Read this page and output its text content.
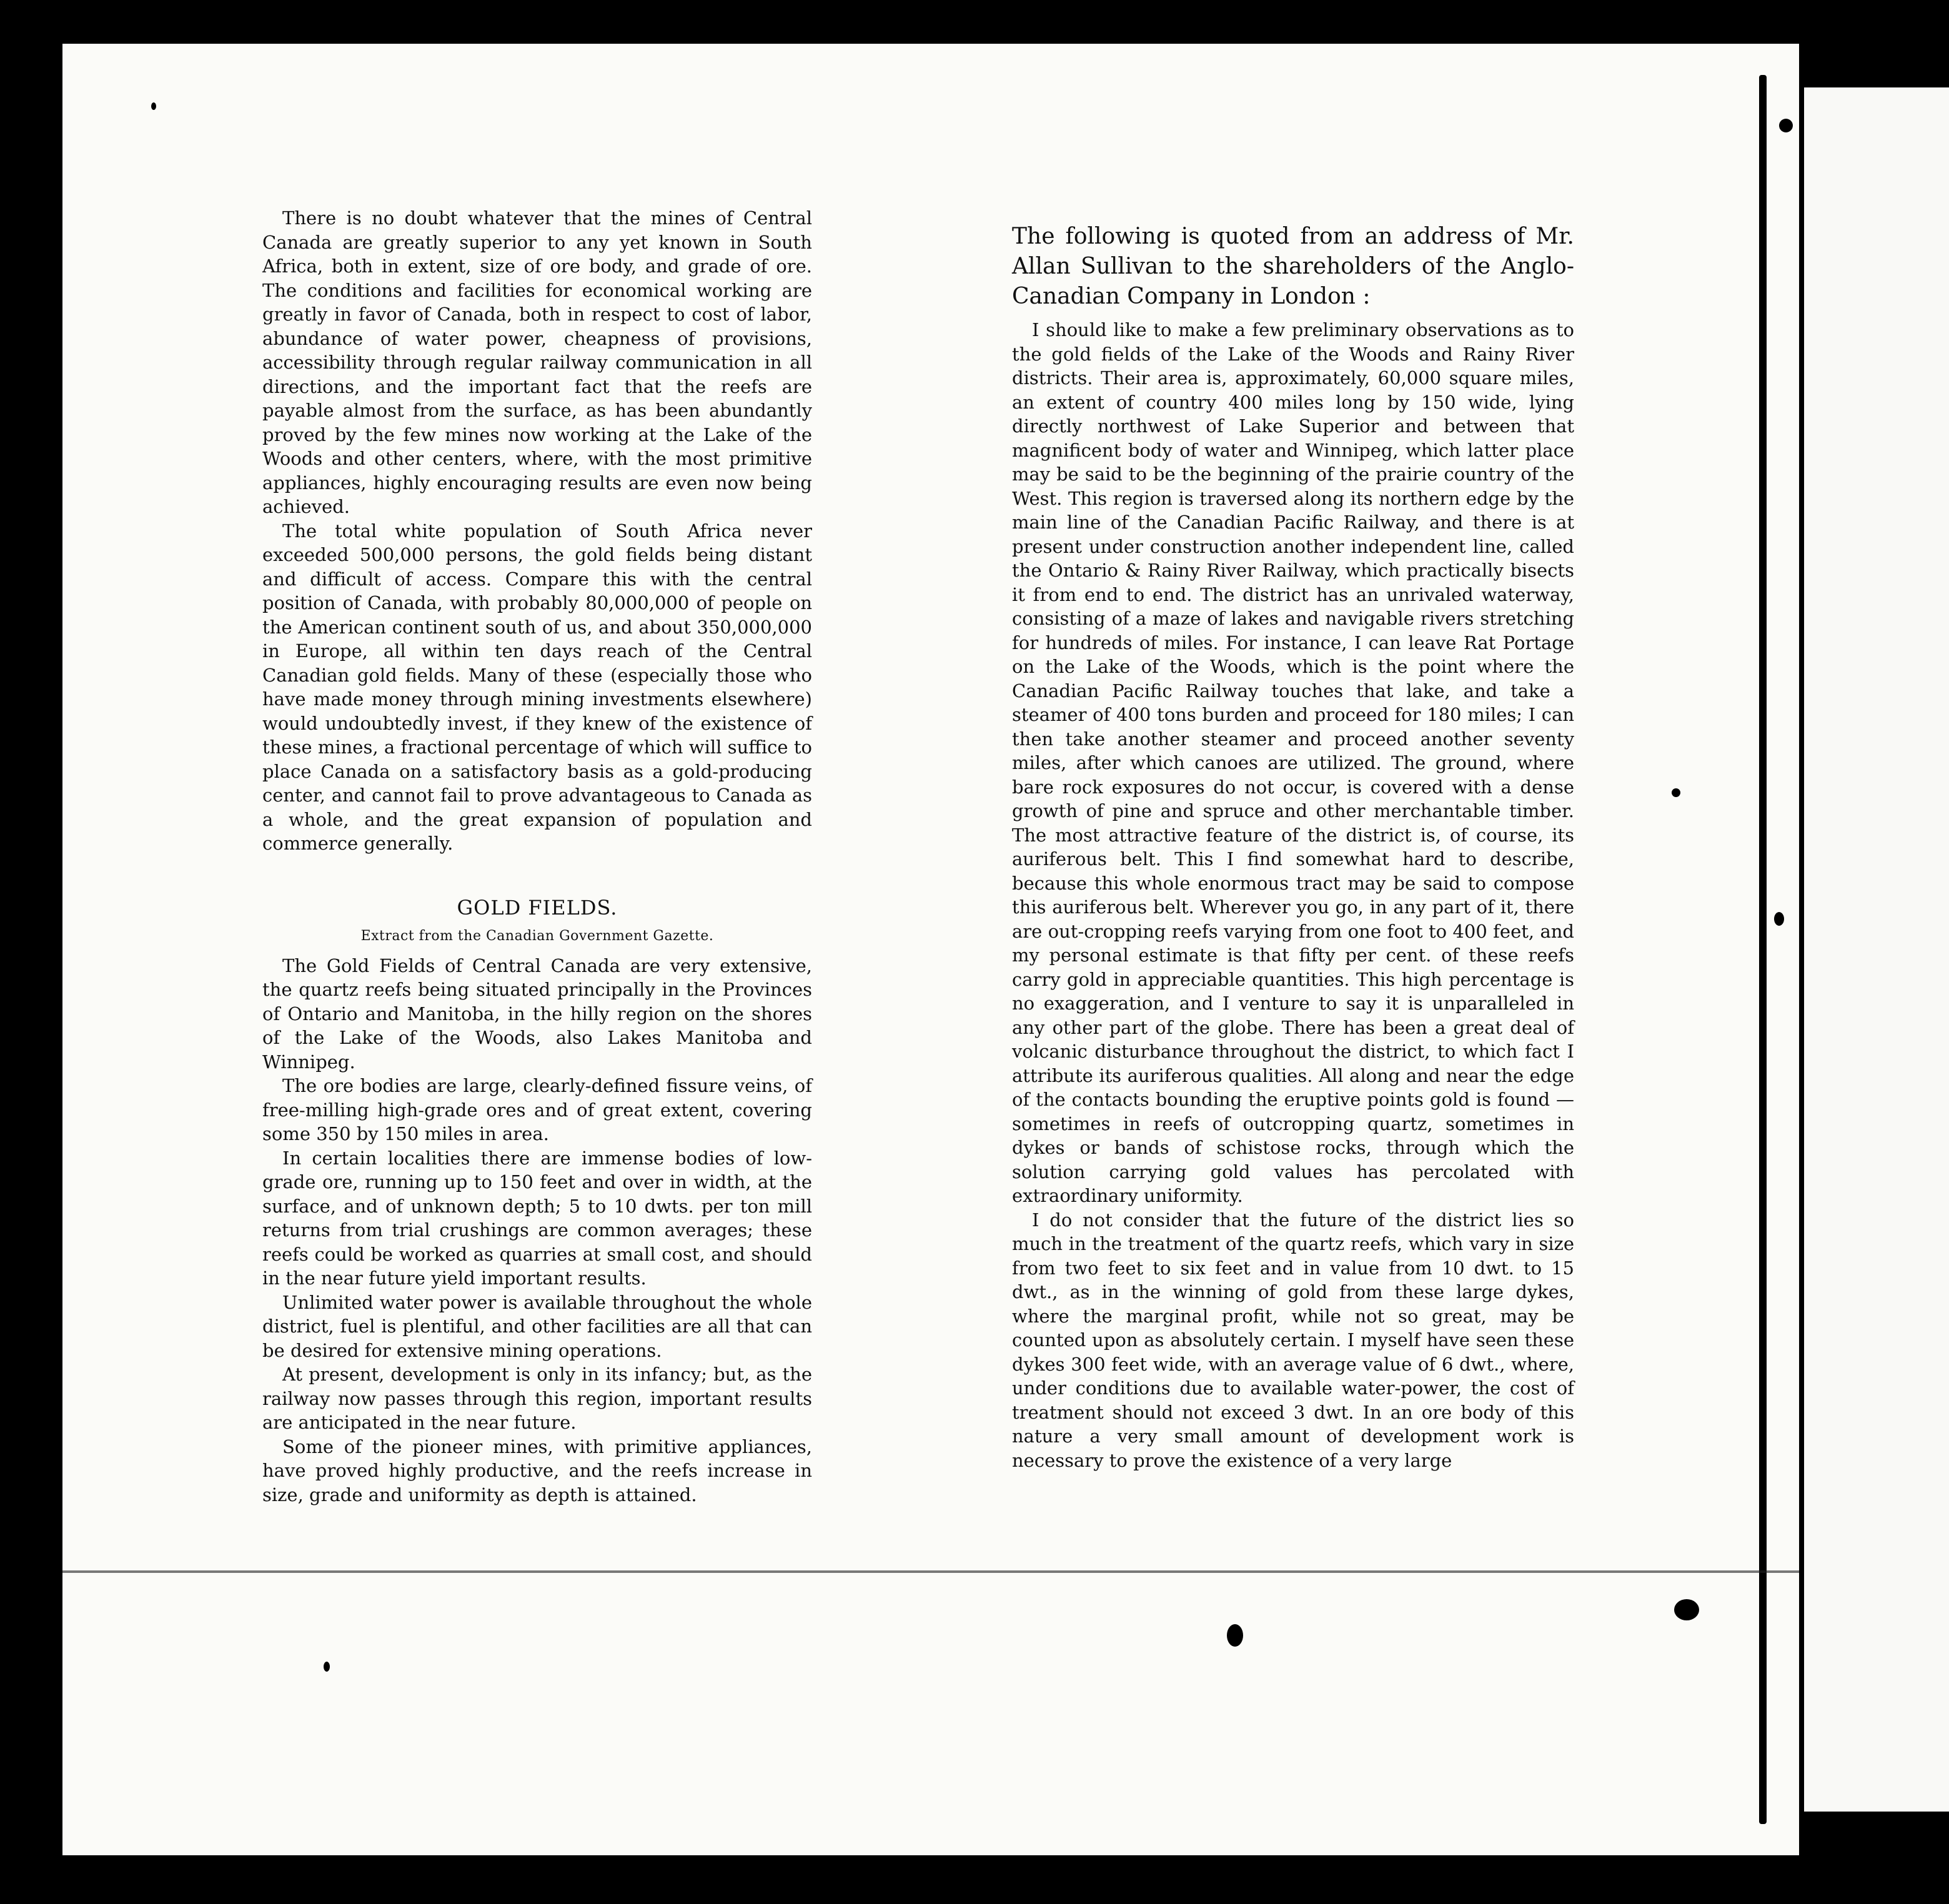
There is no doubt whatever that the mines of Central Canada are greatly superior to any yet known in South Africa, both in extent, size of ore body, and grade of ore. The conditions and facilities for economical working are greatly in favor of Canada, both in respect to cost of labor, abundance of water power, cheapness of provisions, accessibility through regular railway communication in all directions, and the important fact that the reefs are payable almost from the surface, as has been abundantly proved by the few mines now working at the Lake of the Woods and other centers, where, with the most primitive appliances, highly encouraging results are even now being achieved.

The total white population of South Africa never exceeded 500,000 persons, the gold fields being distant and difficult of access. Compare this with the central position of Canada, with probably 80,000,000 of people on the American continent south of us, and about 350,000,000 in Europe, all within ten days reach of the Central Canadian gold fields. Many of these (especially those who have made money through mining investments elsewhere) would undoubtedly invest, if they knew of the existence of these mines, a fractional percentage of which will suffice to place Canada on a satisfactory basis as a gold-producing center, and cannot fail to prove advantageous to Canada as a whole, and the great expansion of population and commerce generally.

GOLD FIELDS.
Extract from the Canadian Government Gazette.

The Gold Fields of Central Canada are very extensive, the quartz reefs being situated principally in the Provinces of Ontario and Manitoba, in the hilly region on the shores of the Lake of the Woods, also Lakes Manitoba and Winnipeg.

The ore bodies are large, clearly-defined fissure veins, of free-milling high-grade ores and of great extent, covering some 350 by 150 miles in area.

In certain localities there are immense bodies of low-grade ore, running up to 150 feet and over in width, at the surface, and of unknown depth; 5 to 10 dwts. per ton mill returns from trial crushings are common averages; these reefs could be worked as quarries at small cost, and should in the near future yield important results.

Unlimited water power is available throughout the whole district, fuel is plentiful, and other facilities are all that can be desired for extensive mining operations.

At present, development is only in its infancy; but, as the railway now passes through this region, important results are anticipated in the near future.

Some of the pioneer mines, with primitive appliances, have proved highly productive, and the reefs increase in size, grade and uniformity as depth is attained.

The following is quoted from an address of Mr. Allan Sullivan to the shareholders of the Anglo-Canadian Company in London :

I should like to make a few preliminary observations as to the gold fields of the Lake of the Woods and Rainy River districts. Their area is, approximately, 60,000 square miles, an extent of country 400 miles long by 150 wide, lying directly northwest of Lake Superior and between that magnificent body of water and Winnipeg, which latter place may be said to be the beginning of the prairie country of the West. This region is traversed along its northern edge by the main line of the Canadian Pacific Railway, and there is at present under construction another independent line, called the Ontario & Rainy River Railway, which practically bisects it from end to end. The district has an unrivaled waterway, consisting of a maze of lakes and navigable rivers stretching for hundreds of miles. For instance, I can leave Rat Portage on the Lake of the Woods, which is the point where the Canadian Pacific Railway touches that lake, and take a steamer of 400 tons burden and proceed for 180 miles; I can then take another steamer and proceed another seventy miles, after which canoes are utilized. The ground, where bare rock exposures do not occur, is covered with a dense growth of pine and spruce and other merchantable timber. The most attractive feature of the district is, of course, its auriferous belt. This I find somewhat hard to describe, because this whole enormous tract may be said to compose this auriferous belt. Wherever you go, in any part of it, there are out-cropping reefs varying from one foot to 400 feet, and my personal estimate is that fifty per cent. of these reefs carry gold in appreciable quantities. This high percentage is no exaggeration, and I venture to say it is unparalleled in any other part of the globe. There has been a great deal of volcanic disturbance throughout the district, to which fact I attribute its auriferous qualities. All along and near the edge of the contacts bounding the eruptive points gold is found — sometimes in reefs of outcropping quartz, sometimes in dykes or bands of schistose rocks, through which the solution carrying gold values has percolated with extraordinary uniformity.

I do not consider that the future of the district lies so much in the treatment of the quartz reefs, which vary in size from two feet to six feet and in value from 10 dwt. to 15 dwt., as in the winning of gold from these large dykes, where the marginal profit, while not so great, may be counted upon as absolutely certain. I myself have seen these dykes 300 feet wide, with an average value of 6 dwt., where, under conditions due to available water-power, the cost of treatment should not exceed 3 dwt. In an ore body of this nature a very small amount of development work is necessary to prove the existence of a very large
